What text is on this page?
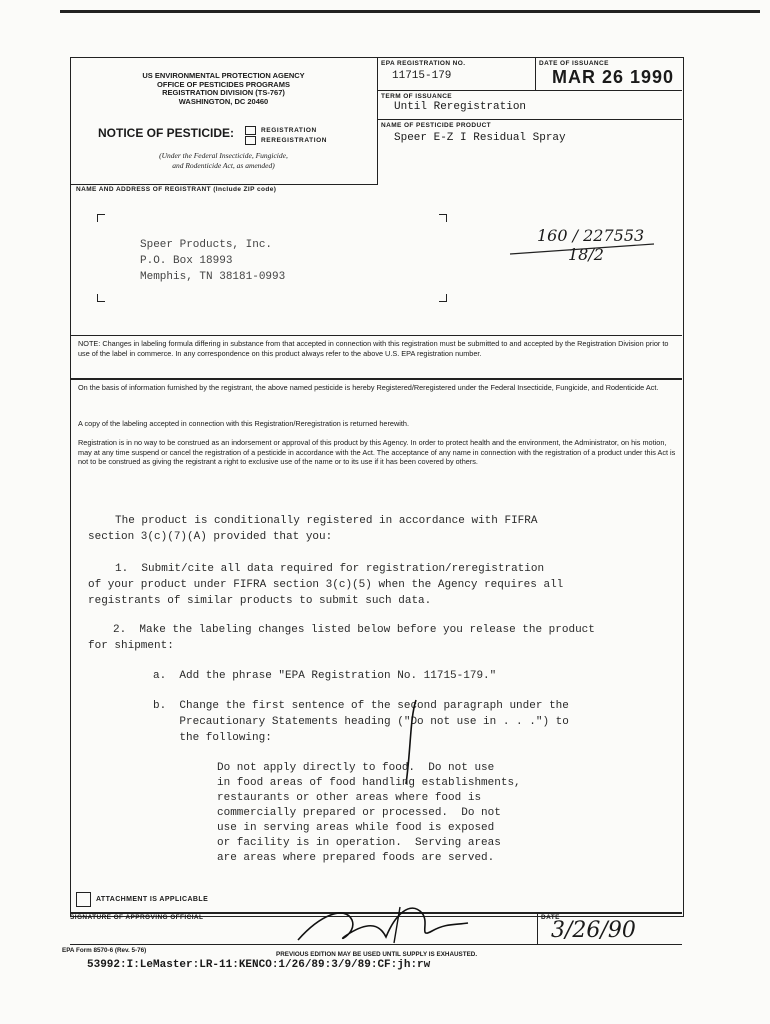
US ENVIRONMENTAL PROTECTION AGENCY
OFFICE OF PESTICIDES PROGRAMS
REGISTRATION DIVISION (TS-767)
WASHINGTON, DC 20460
NOTICE OF PESTICIDE:	REGISTRATION
REREGISTRATION
(Under the Federal Insecticide, Fungicide,
and Rodenticide Act, as amended)
EPA REGISTRATION NO.
11715-179
DATE OF ISSUANCE
MAR 26 1990
TERM OF ISSUANCE
Until Reregistration
NAME OF PESTICIDE PRODUCT
Speer E-Z I Residual Spray
NAME AND ADDRESS OF REGISTRANT (Include ZIP code)
Speer Products, Inc.
P.O. Box 18993
Memphis, TN 38181-0993
160 / 227553
18/2
NOTE: Changes in labeling formula differing in substance from that accepted in connection with this registration must be submitted to and accepted by the Registration Division prior to use of the label in commerce. In any correspondence on this product always refer to the above U.S. EPA registration number.
On the basis of information furnished by the registrant, the above named pesticide is hereby Registered/Reregistered under the Federal Insecticide, Fungicide, and Rodenticide Act.
A copy of the labeling accepted in connection with this Registration/Reregistration is returned herewith.
Registration is in no way to be construed as an indorsement or approval of this product by this Agency. In order to protect health and the environment, the Administrator, on his motion, may at any time suspend or cancel the registration of a pesticide in accordance with the Act. The acceptance of any name in connection with the registration of a product under this Act is not to be construed as giving the registrant a right to exclusive use of the name or to its use if it has been covered by others.
The product is conditionally registered in accordance with FIFRA
section 3(c)(7)(A) provided that you:
1.  Submit/cite all data required for registration/reregistration
of your product under FIFRA section 3(c)(5) when the Agency requires all
registrants of similar products to submit such data.
2.  Make the labeling changes listed below before you release the product
for shipment:
a.  Add the phrase "EPA Registration No. 11715-179."
b.  Change the first sentence of the second paragraph under the
Precautionary Statements heading ("Do not use in . . .") to
the following:
Do not apply directly to food.  Do not use
in food areas of food handling establishments,
restaurants or other areas where food is
commercially prepared or processed.  Do not
use in serving areas while food is exposed
or facility is in operation.  Serving areas
are areas where prepared foods are served.
ATTACHMENT IS APPLICABLE
SIGNATURE OF APPROVING OFFICIAL	DATE
3/26/90
EPA Form 8570-6 (Rev. 5-76)
PREVIOUS EDITION MAY BE USED UNTIL SUPPLY IS EXHAUSTED.
53992:I:LeMaster:LR-11:KENCO:1/26/89:3/9/89:CF:jh:rw
